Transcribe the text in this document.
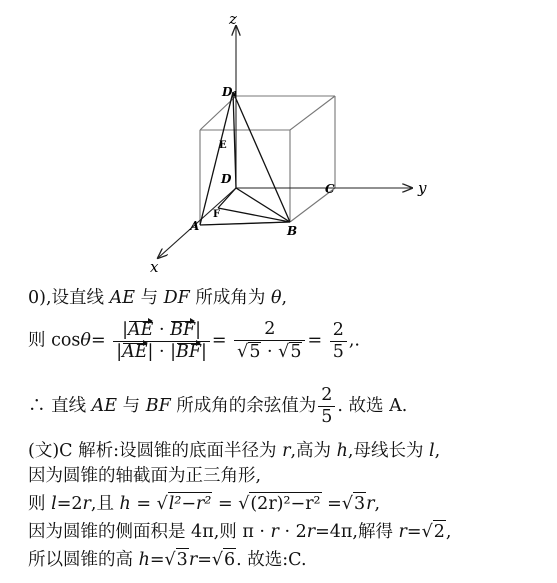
z
y
x
D₁
E
D
C
F
A	B
0),设直线 AE 与 DF 所成角为 θ,
则 $\cos\theta= \frac{|AE \cdot BF|}{|AE| \cdot |BF|} = \frac{2}{√5 \cdot √5} = \frac{2}{5}$ ,.
∴ 直线 AE 与 BF 所成角的余弦值为 $\frac{2}{5}$ . 故选 A.
(文)C 解析:设圆锥的底面半径为 r,高为 h,母线长为 l,
因为圆锥的轴截面为正三角形,
则 l=2r,且 h = √l²−r² = √(2r)²−r² =√3r,
因为圆锥的侧面积是 4π,则 π · r · 2r=4π,解得 r=√2,
所以圆锥的高 h=√3r=√6. 故选:C.
